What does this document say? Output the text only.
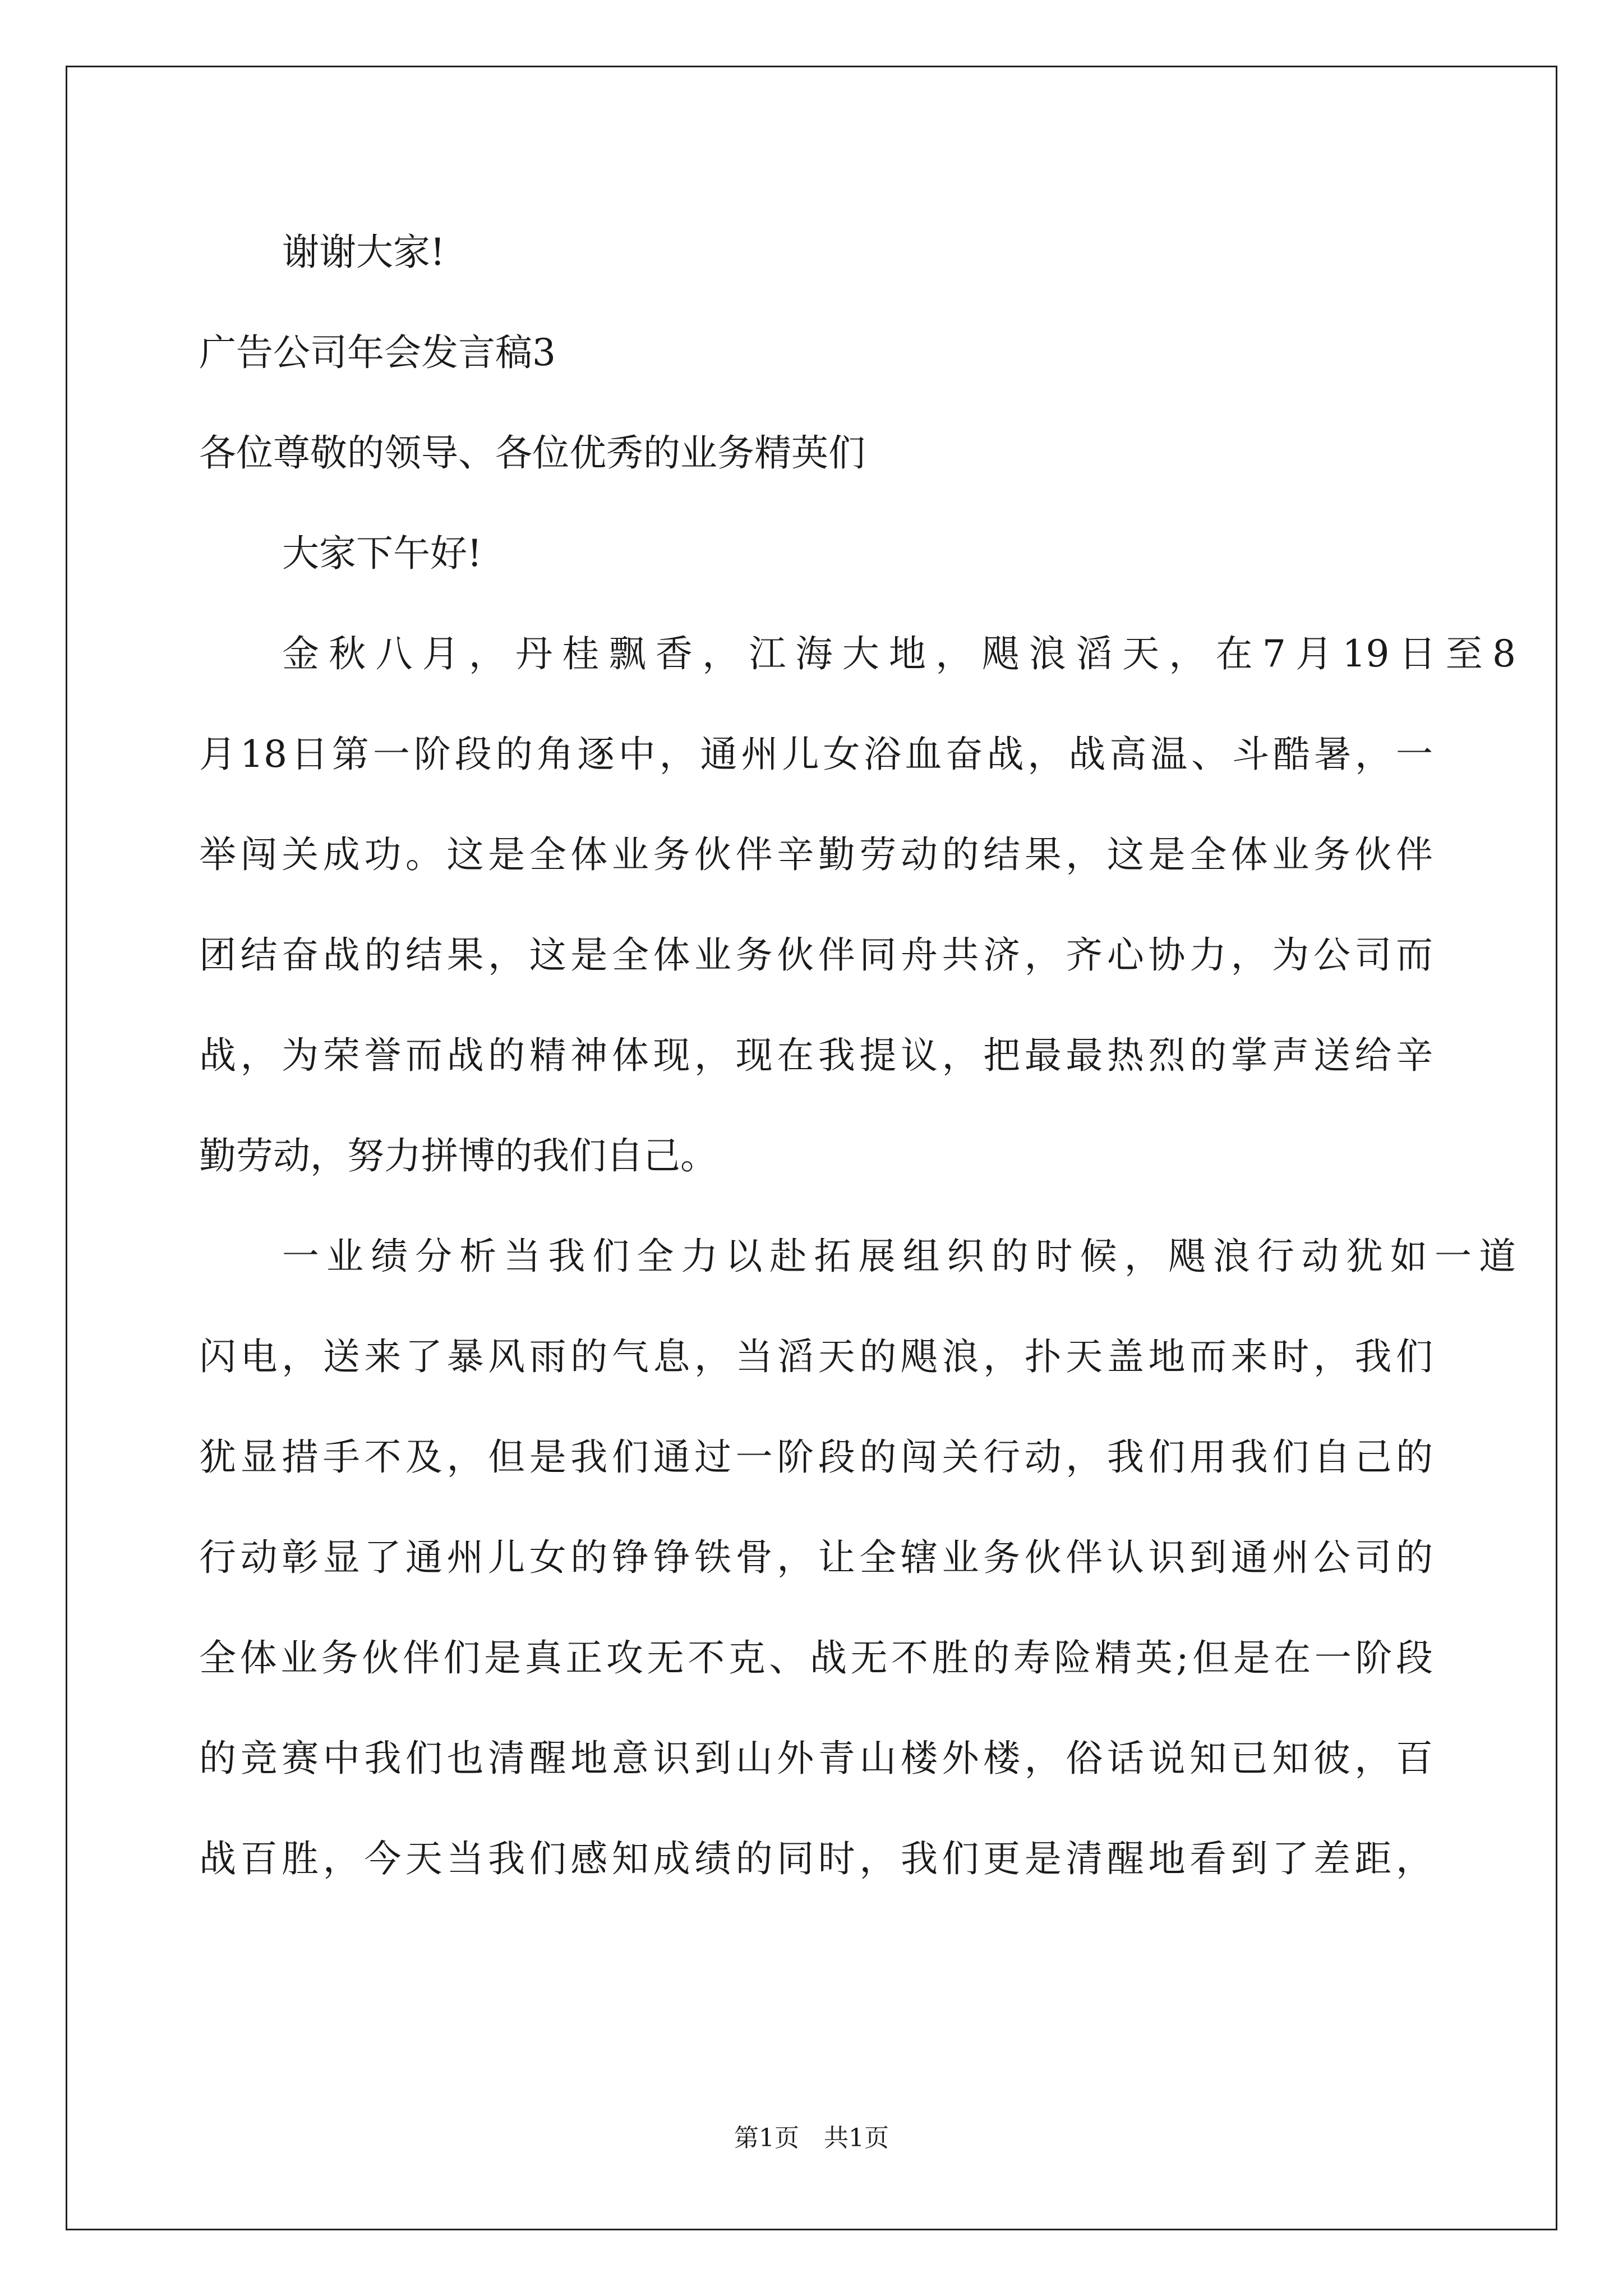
谢谢大家!
广告公司年会发言稿3
各位尊敬的领导、各位优秀的业务精英们
大家下午好!
金秋八月，丹桂飘香，江海大地，飓浪滔天，在7月19日至8
月18日第一阶段的角逐中，通州儿女浴血奋战，战高温、斗酷暑，一
举闯关成功。这是全体业务伙伴辛勤劳动的结果，这是全体业务伙伴
团结奋战的结果，这是全体业务伙伴同舟共济，齐心协力，为公司而
战，为荣誉而战的精神体现，现在我提议，把最最热烈的掌声送给辛
勤劳动，努力拼博的我们自己。
一业绩分析当我们全力以赴拓展组织的时候，飓浪行动犹如一道
闪电，送来了暴风雨的气息，当滔天的飓浪，扑天盖地而来时，我们
犹显措手不及，但是我们通过一阶段的闯关行动，我们用我们自己的
行动彰显了通州儿女的铮铮铁骨，让全辖业务伙伴认识到通州公司的
全体业务伙伴们是真正攻无不克、战无不胜的寿险精英;但是在一阶段
的竞赛中我们也清醒地意识到山外青山楼外楼，俗话说知已知彼，百
战百胜，今天当我们感知成绩的同时，我们更是清醒地看到了差距，
第1页 共1页
